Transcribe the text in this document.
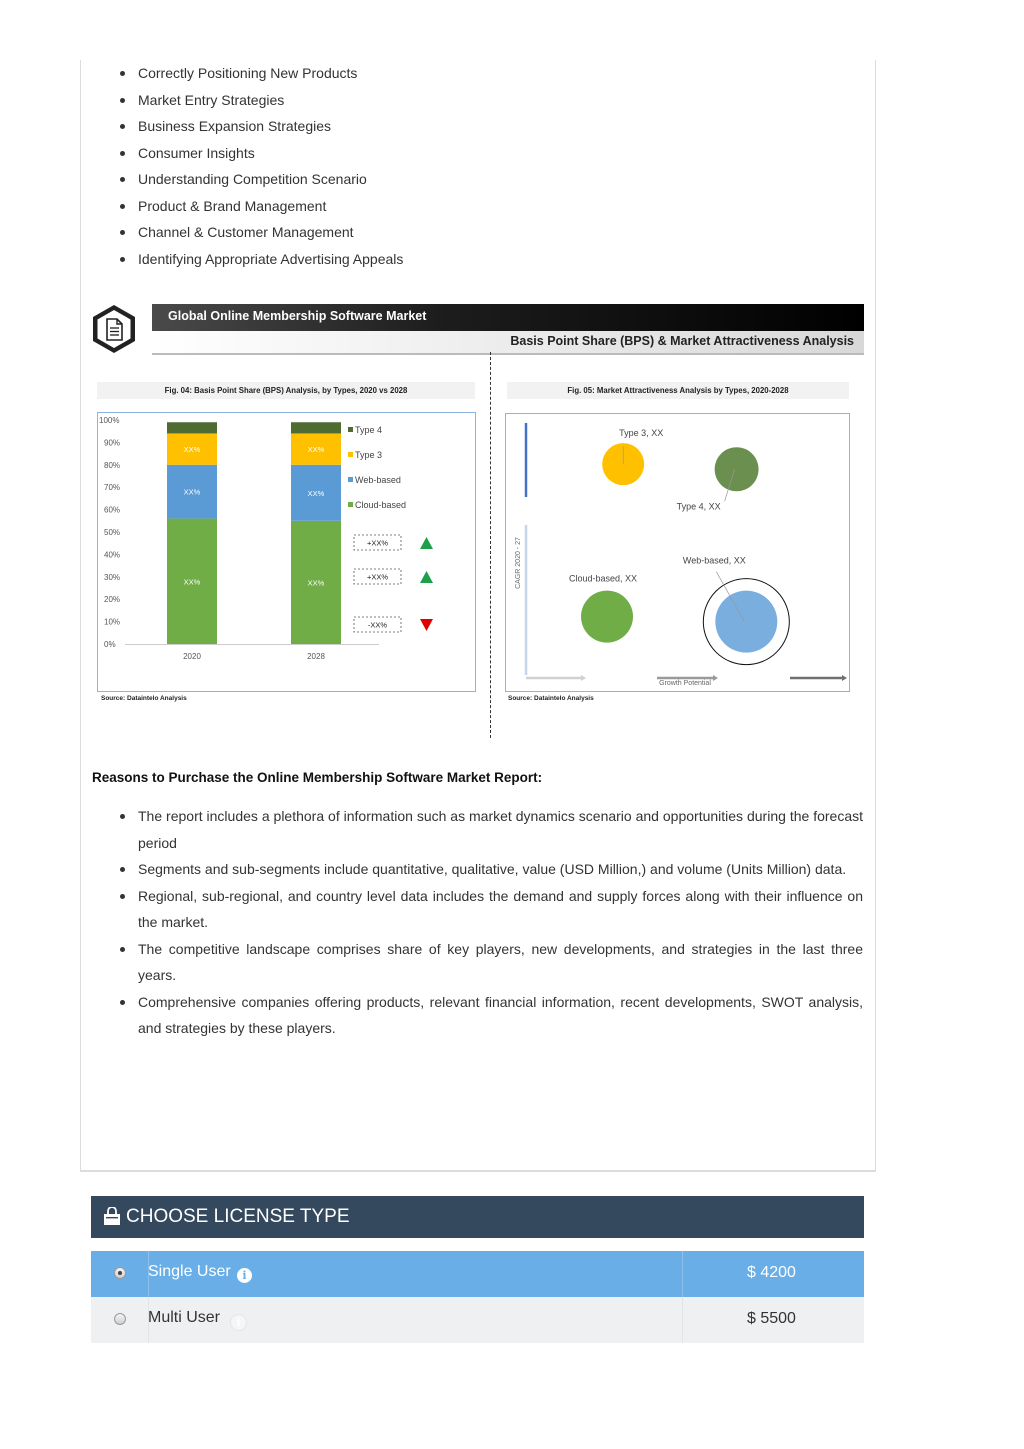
Correctly Positioning New Products
Market Entry Strategies
Business Expansion Strategies
Consumer Insights
Understanding Competition Scenario
Product & Brand Management
Channel & Customer Management
Identifying Appropriate Advertising Appeals
Global Online Membership Software Market
Basis Point Share (BPS) & Market Attractiveness Analysis
Fig. 04: Basis Point Share (BPS) Analysis, by Types, 2020 vs 2028	Fig. 05: Market Attractiveness Analysis by Types, 2020-2028
0%
10%
20%
30%
40%
50%
60%
70%
80%
90%
100%
XX%
XX%
XX%
2020
XX%
XX%
XX%
2028
Type 4
Type 3
Web-based
Cloud-based
+XX%
+XX%
-XX%
CAGR 2020 - 27
Growth Potential
Type 3, XX
Type 4, XX
Cloud-based, XX
Web-based, XX
Source: Dataintelo Analysis	Source: Dataintelo Analysis
Reasons to Purchase the Online Membership Software Market Report:
The report includes a plethora of information such as market dynamics scenario and opportunities during the forecast period
Segments and sub-segments include quantitative, qualitative, value (USD Million,) and volume (Units Million) data.
Regional, sub-regional, and country level data includes the demand and supply forces along with their influence on the market.
The competitive landscape comprises share of key players, new developments, and strategies in the last three years.
Comprehensive companies offering products, relevant financial information, recent developments, SWOT analysis, and strategies by these players.
CHOOSE LICENSE TYPE
Single User	i	$ 4200
Multi User	i	$ 5500
